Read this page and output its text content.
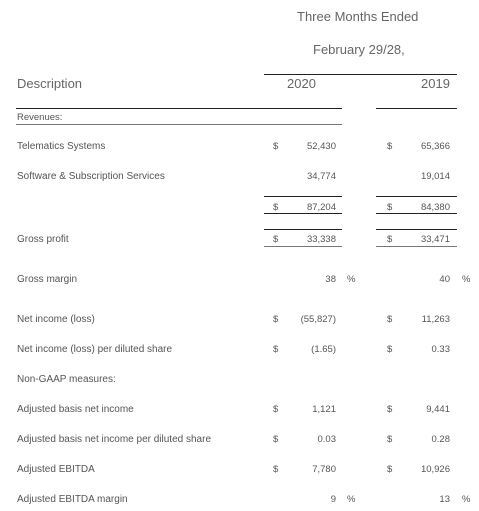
Three Months Ended
February 29/28,
Description	2020	2019
Revenues:
Telematics Systems	$	52,430	$	65,366
Software & Subscription Services	34,774	19,014
$	87,204	$	84,380
Gross profit	$	33,338	$	33,471
Gross margin	38 %	40 %
Net income (loss)	$ (55,827)	$	11,263
Net income (loss) per diluted share	$	(1.65)	$	0.33
Non-GAAP measures:
Adjusted basis net income	$	1,121	$	9,441
Adjusted basis net income per diluted share	$	0.03	$	0.28
Adjusted EBITDA	$	7,780	$	10,926
Adjusted EBITDA margin	9 %	13 %
